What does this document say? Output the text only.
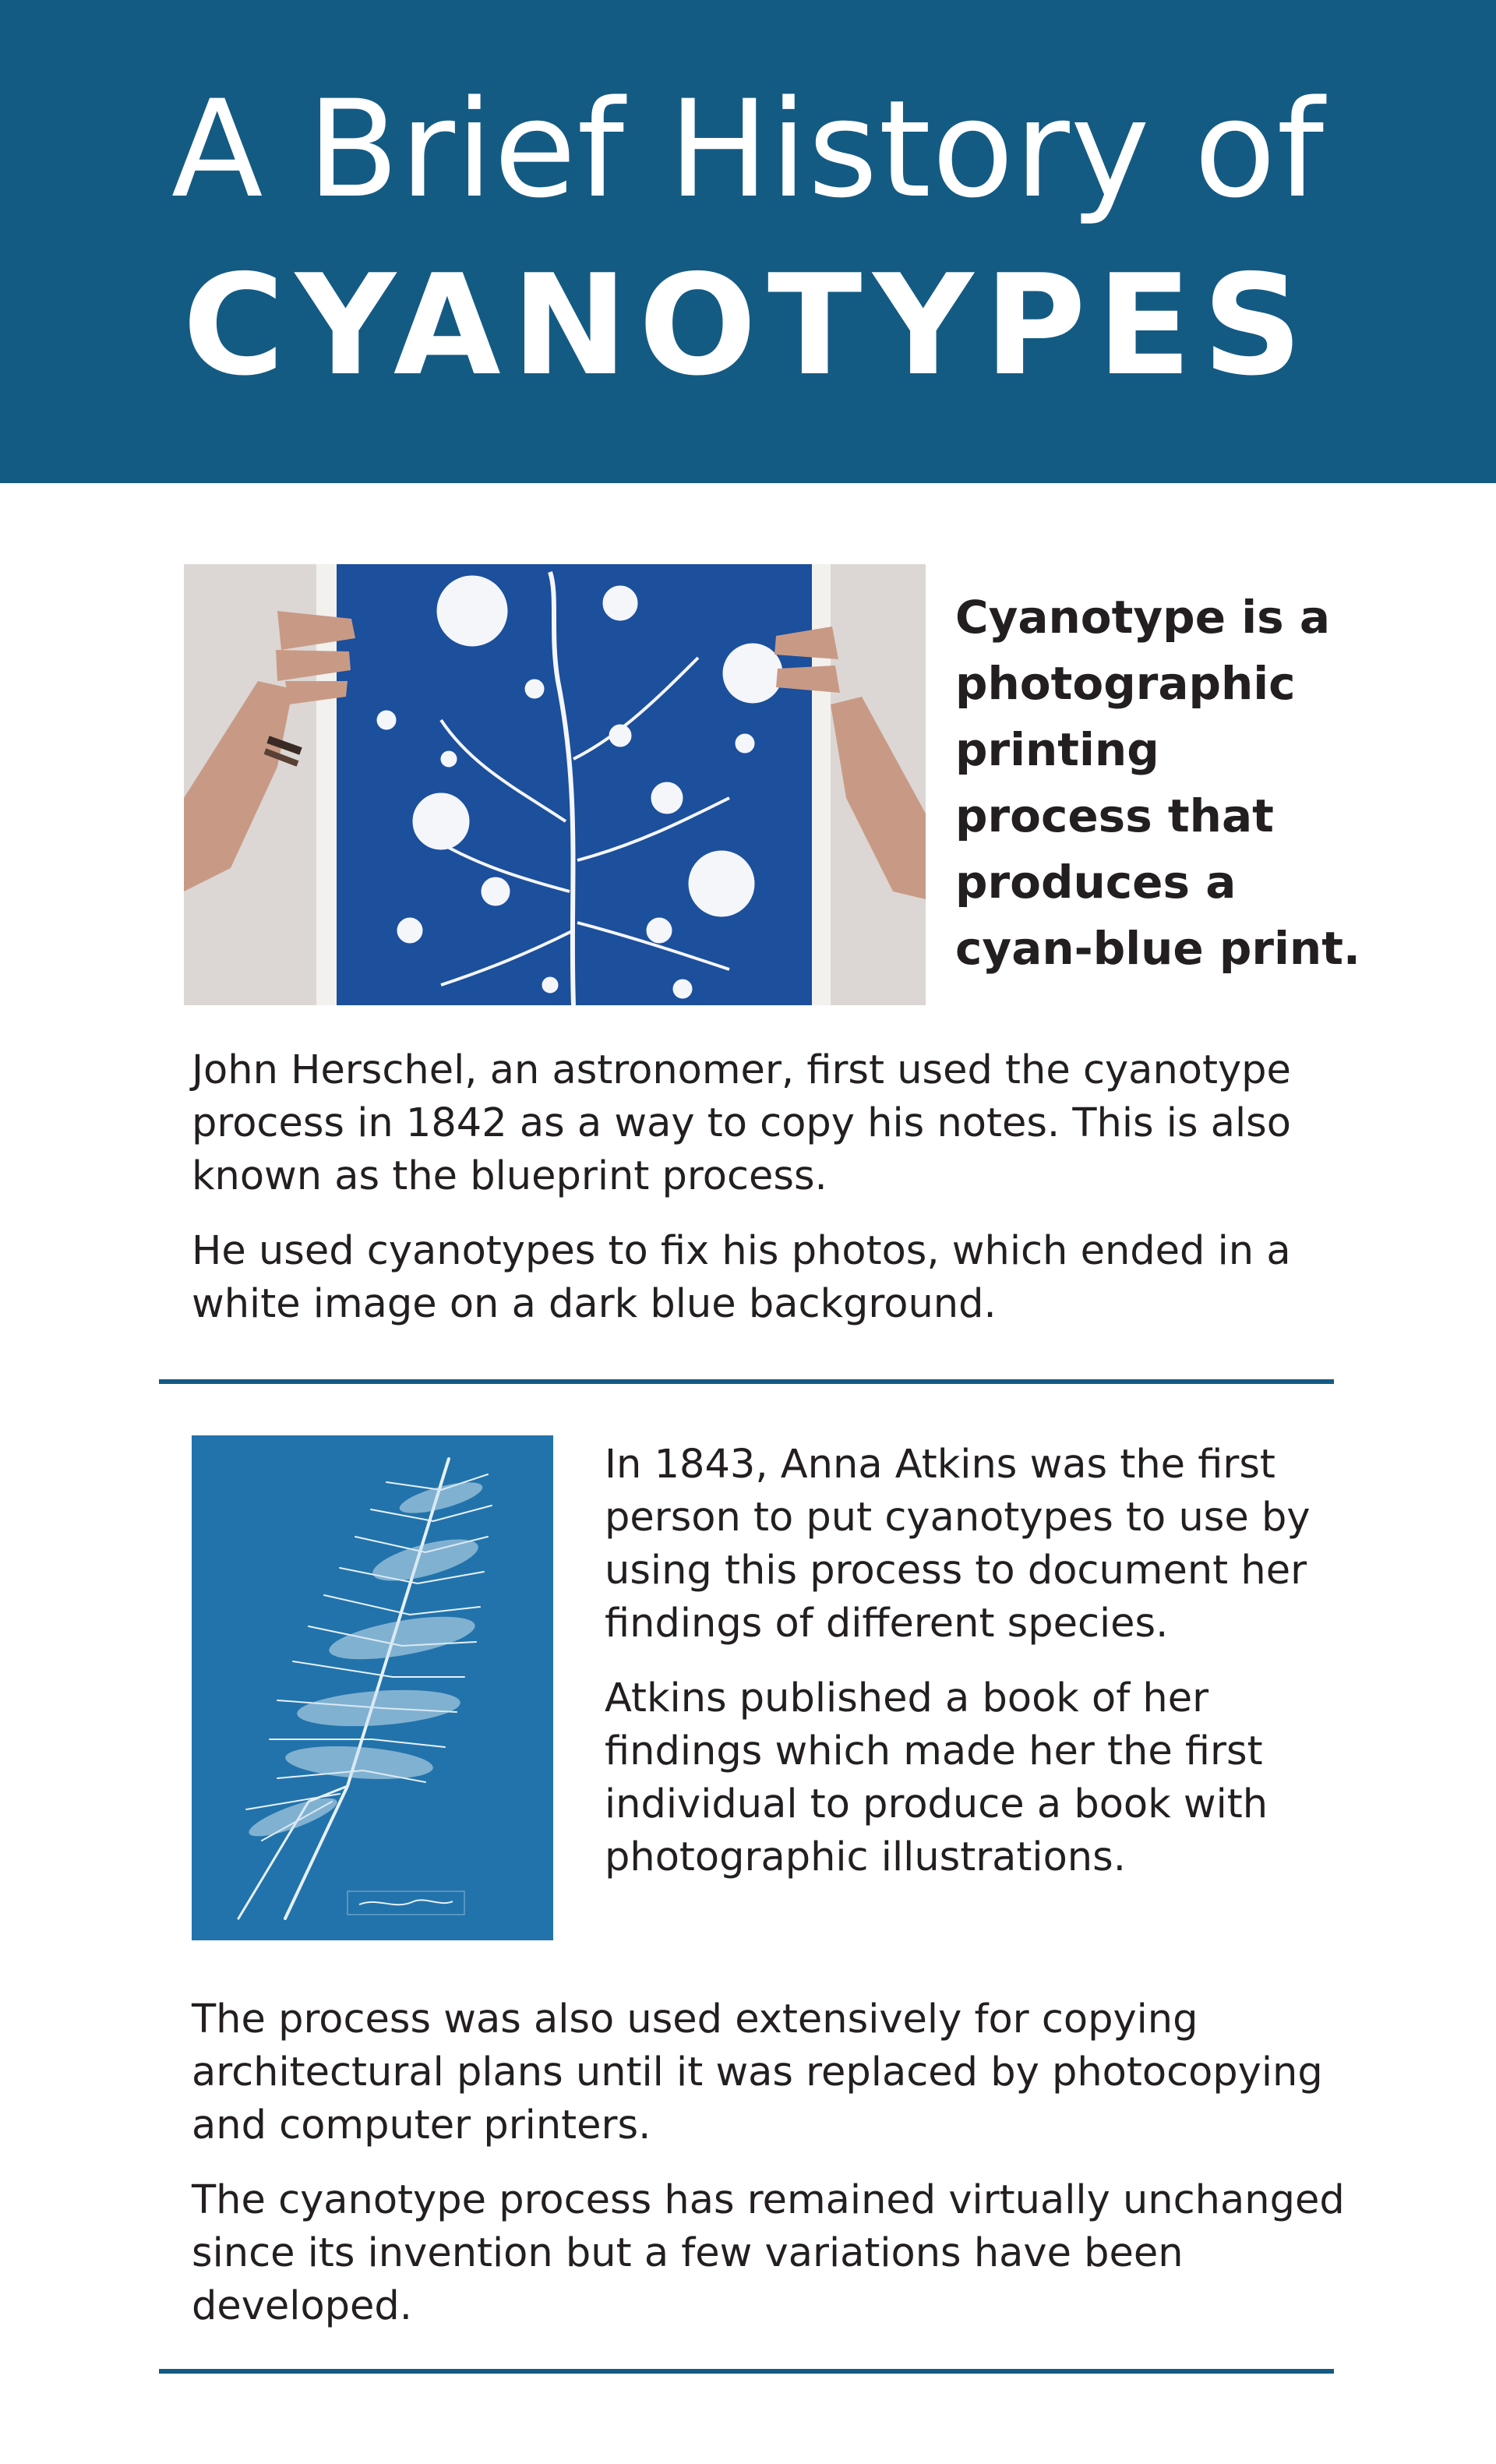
A Brief History of
CYANOTYPES
Cyanotype is a photographic printing process that produces a cyan-blue print.

John Herschel, an astronomer, first used the cyanotype process in 1842 as a way to copy his notes. This is also known as the blueprint process.

He used cyanotypes to fix his photos, which ended in a white image on a dark blue background.

In 1843, Anna Atkins was the first person to put cyanotypes to use by using this process to document her findings of different species.

Atkins published a book of her findings which made her the first individual to produce a book with photographic illustrations.

The process was also used extensively for copying architectural plans until it was replaced by photocopying and computer printers.

The cyanotype process has remained virtually unchanged since its invention but a few variations have been developed.
